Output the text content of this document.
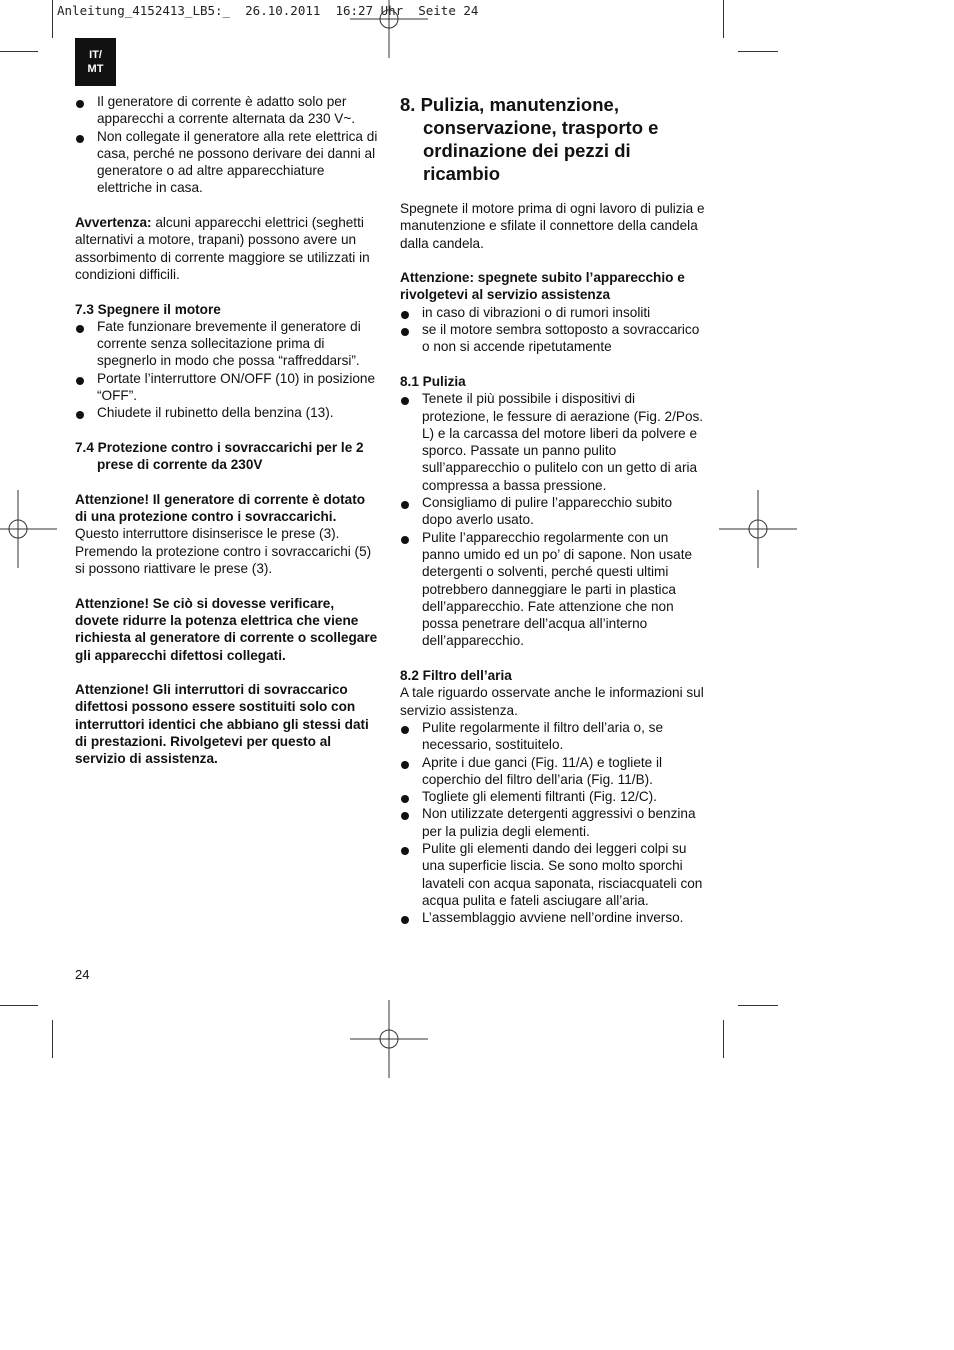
Anleitung_4152413_LB5:_  26.10.2011  16:27 Uhr  Seite 24
IT/
MT
Il generatore di corrente è adatto solo per apparecchi a corrente alternata da 230 V~.
Non collegate il generatore alla rete elettrica di casa, perché ne possono derivare dei danni al generatore o ad altre apparecchiature elettriche in casa.

Avvertenza: alcuni apparecchi elettrici (seghetti alternativi a motore, trapani) possono avere un assorbimento di corrente maggiore se utilizzati in condizioni difficili.

7.3 Spegnere il motore

Fate funzionare brevemente il generatore di corrente senza sollecitazione prima di spegnerlo in modo che possa “raffreddarsi”.
Portate l’interruttore ON/OFF (10) in posizione “OFF”.
Chiudete il rubinetto della benzina (13).

7.4 Protezione contro i sovraccarichi per le 2 prese di corrente da 230V

Attenzione! Il generatore di corrente è dotato di una protezione contro i sovraccarichi.

Questo interruttore disinserisce le prese (3). Premendo la protezione contro i sovraccarichi (5) si possono riattivare le prese (3).

Attenzione! Se ciò si dovesse verificare, dovete ridurre la potenza elettrica che viene richiesta al generatore di corrente o scollegare gli apparecchi difettosi collegati.

Attenzione! Gli interruttori di sovraccarico difettosi possono essere sostituiti solo con interruttori identici che abbiano gli stessi dati di prestazioni. Rivolgetevi per questo al servizio di assistenza.

8. Pulizia, manutenzione, conservazione, trasporto e ordinazione dei pezzi di ricambio

Spegnete il motore prima di ogni lavoro di pulizia e manutenzione e sfilate il connettore della candela dalla candela.

Attenzione: spegnete subito l’apparecchio e rivolgetevi al servizio assistenza

in caso di vibrazioni o di rumori insoliti
se il motore sembra sottoposto a sovraccarico o non si accende ripetutamente

8.1 Pulizia

Tenete il più possibile i dispositivi di protezione, le fessure di aerazione (Fig. 2/Pos. L) e la carcassa del motore liberi da polvere e sporco. Passate un panno pulito sull’apparecchio o pulitelo con un getto di aria compressa a bassa pressione.
Consigliamo di pulire l’apparecchio subito dopo averlo usato.
Pulite l’apparecchio regolarmente con un panno umido ed un po’ di sapone. Non usate detergenti o solventi, perché questi ultimi potrebbero danneggiare le parti in plastica dell’apparecchio. Fate attenzione che non possa penetrare dell’acqua all’interno dell’apparecchio.

8.2 Filtro dell’aria

A tale riguardo osservate anche le informazioni sul servizio assistenza.

Pulite regolarmente il filtro dell’aria o, se necessario, sostituitelo.
Aprite i due ganci (Fig. 11/A) e togliete il coperchio del filtro dell’aria (Fig. 11/B).
Togliete gli elementi filtranti (Fig. 12/C).
Non utilizzate detergenti aggressivi o benzina per la pulizia degli elementi.
Pulite gli elementi dando dei leggeri colpi su una superficie liscia. Se sono molto sporchi lavateli con acqua saponata, risciacquateli con acqua pulita e fateli asciugare all’aria.
L’assemblaggio avviene nell’ordine inverso.
24
